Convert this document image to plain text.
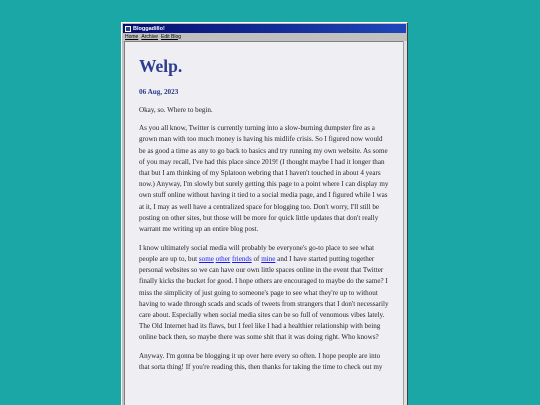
Bloggadillo!
Home Archive Edit Blog
Welp.
06 Aug, 2023

Okay, so. Where to begin.

As you all know, Twitter is currently turning into a slow-burning dumpster fire as a grown man with too much money is having his midlife crisis. So I figured now would be as good a time as any to go back to basics and try running my own website. As some of you may recall, I've had this place since 2019! (I thought maybe I had it longer than that but I am thinking of my Splatoon webring that I haven't touched in about 4 years now.) Anyway, I'm slowly but surely getting this page to a point where I can display my own stuff online without having it tied to a social media page, and I figured while I was at it, I may as well have a centralized space for blogging too. Don't worry, I'll still be posting on other sites, but those will be more for quick little updates that don't really warrant me writing up an entire blog post.

I know ultimately social media will probably be everyone's go-to place to see what people are up to, but some other friends of mine and I have started putting together personal websites so we can have our own little spaces online in the event that Twitter finally kicks the bucket for good. I hope others are encouraged to maybe do the same? I miss the simplicity of just going to someone's page to see what they're up to without having to wade through scads and scads of tweets from strangers that I don't necessarily care about. Especially when social media sites can be so full of venomous vibes lately. The Old Internet had its flaws, but I feel like I had a healthier relationship with being online back then, so maybe there was some shit that it was doing right. Who knows?

Anyway. I'm gonna be blogging it up over here every so often. I hope people are into that sorta thing! If you're reading this, then thanks for taking the time to check out my
